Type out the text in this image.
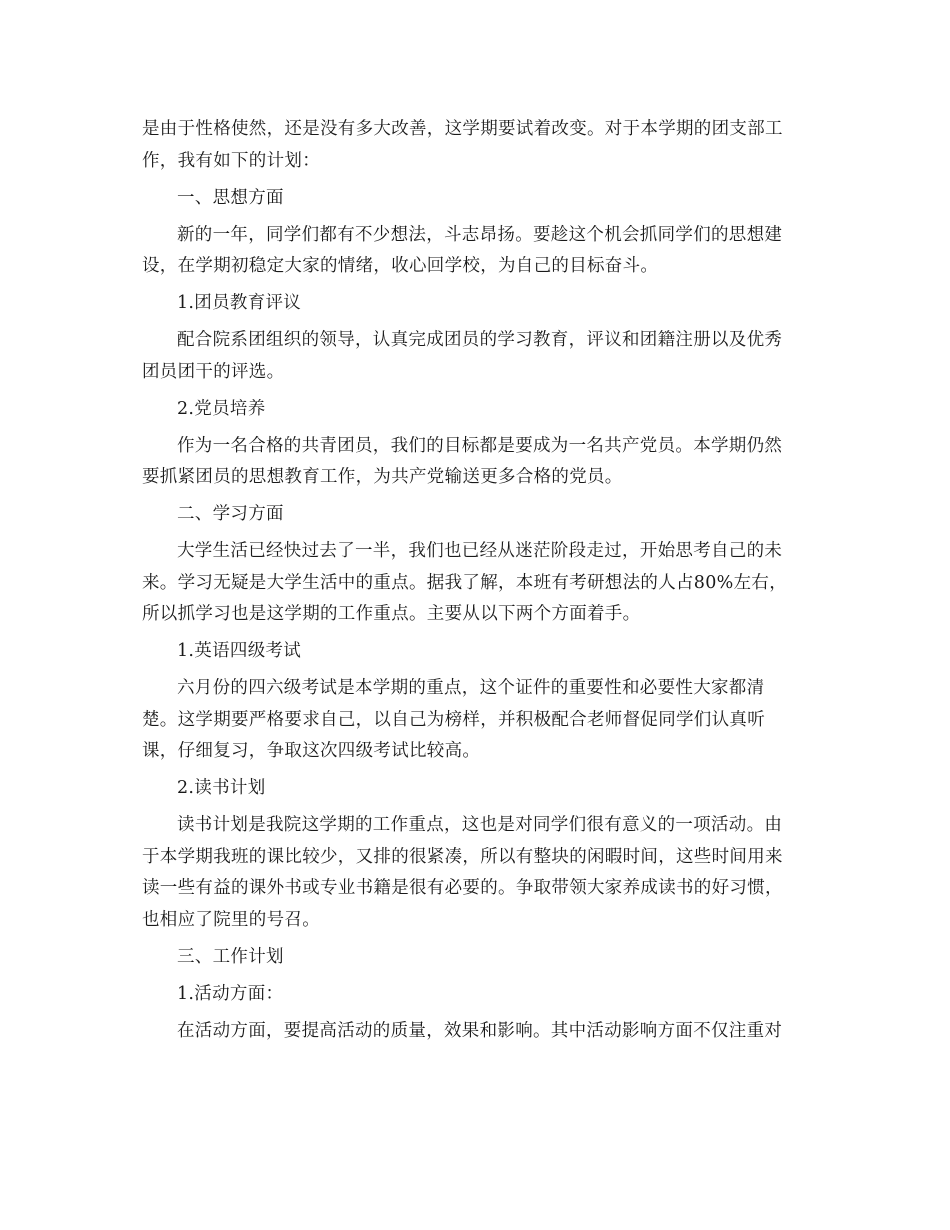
是由于性格使然，还是没有多大改善，这学期要试着改变。对于本学期的团支部工
作，我有如下的计划：
一、思想方面
新的一年，同学们都有不少想法，斗志昂扬。要趁这个机会抓同学们的思想建
设，在学期初稳定大家的情绪，收心回学校，为自己的目标奋斗。
1.团员教育评议
配合院系团组织的领导，认真完成团员的学习教育，评议和团籍注册以及优秀
团员团干的评选。
2.党员培养
作为一名合格的共青团员，我们的目标都是要成为一名共产党员。本学期仍然
要抓紧团员的思想教育工作，为共产党输送更多合格的党员。
二、学习方面
大学生活已经快过去了一半，我们也已经从迷茫阶段走过，开始思考自己的未
来。学习无疑是大学生活中的重点。据我了解，本班有考研想法的人占80%左右，
所以抓学习也是这学期的工作重点。主要从以下两个方面着手。
1.英语四级考试
六月份的四六级考试是本学期的重点，这个证件的重要性和必要性大家都清
楚。这学期要严格要求自己，以自己为榜样，并积极配合老师督促同学们认真听
课，仔细复习，争取这次四级考试比较高。
2.读书计划
读书计划是我院这学期的工作重点，这也是对同学们很有意义的一项活动。由
于本学期我班的课比较少，又排的很紧凑，所以有整块的闲暇时间，这些时间用来
读一些有益的课外书或专业书籍是很有必要的。争取带领大家养成读书的好习惯，
也相应了院里的号召。
三、工作计划
1.活动方面：
在活动方面，要提高活动的质量，效果和影响。其中活动影响方面不仅注重对
